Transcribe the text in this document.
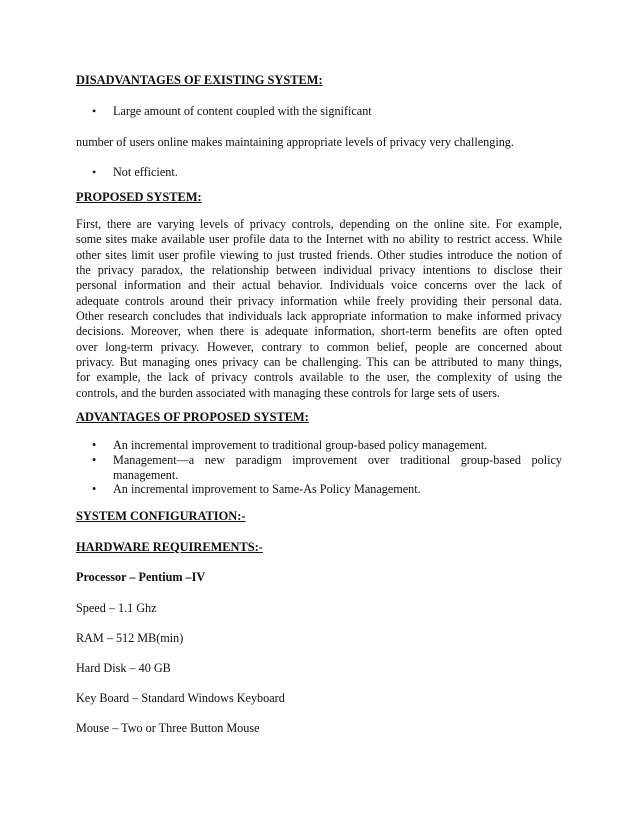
DISADVANTAGES OF EXISTING SYSTEM:

• Large amount of content coupled with the significant

number of users online makes maintaining appropriate levels of privacy very challenging.

• Not efficient.

PROPOSED SYSTEM:

First, there are varying levels of privacy controls, depending on the online site. For example,
some sites make available user profile data to the Internet with no ability to restrict access. While
other sites limit user profile viewing to just trusted friends. Other studies introduce the notion of
the privacy paradox, the relationship between individual privacy intentions to disclose their
personal information and their actual behavior. Individuals voice concerns over the lack of
adequate controls around their privacy information while freely providing their personal data.
Other research concludes that individuals lack appropriate information to make informed privacy
decisions. Moreover, when there is adequate information, short-term benefits are often opted
over long-term privacy. However, contrary to common belief, people are concerned about
privacy. But managing ones privacy can be challenging. This can be attributed to many things,
for example, the lack of privacy controls available to the user, the complexity of using the
controls, and the burden associated with managing these controls for large sets of users.

ADVANTAGES OF PROPOSED SYSTEM:

• An incremental improvement to traditional group-based policy management.
• Management—a new paradigm improvement over traditional group-based policy
management.
• An incremental improvement to Same-As Policy Management.

SYSTEM CONFIGURATION:-

HARDWARE REQUIREMENTS:-

Processor – Pentium –IV

Speed – 1.1 Ghz

RAM – 512 MB(min)

Hard Disk – 40 GB

Key Board – Standard Windows Keyboard

Mouse – Two or Three Button Mouse
